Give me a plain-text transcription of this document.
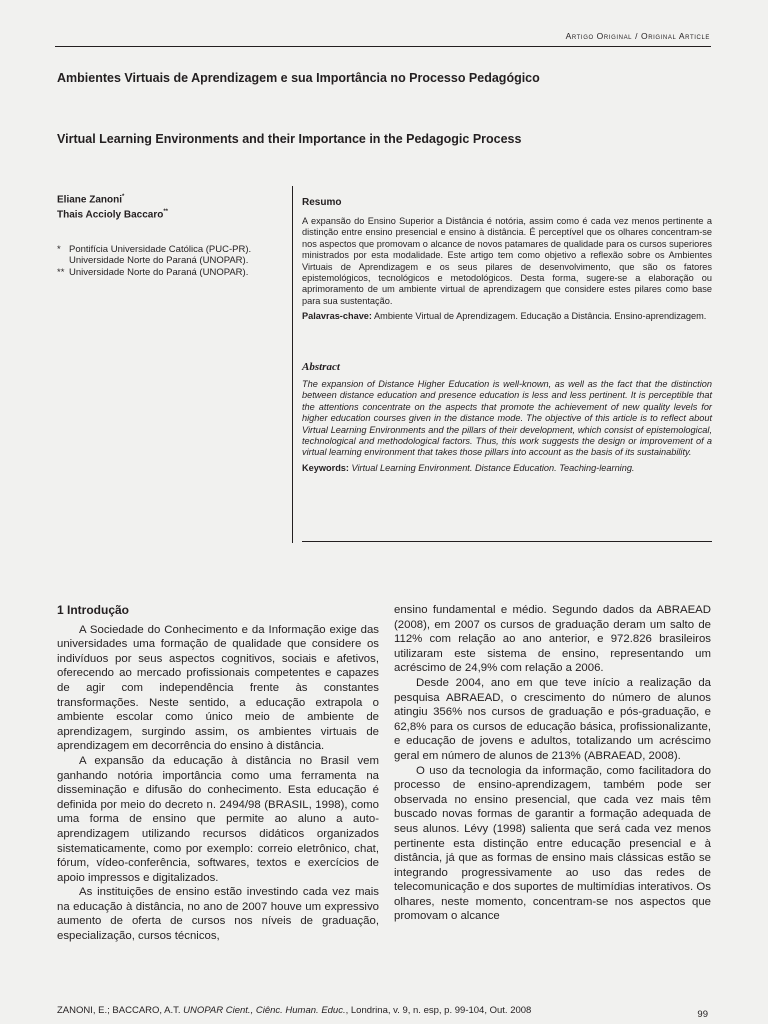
Artigo Original / Original Article
Ambientes Virtuais de Aprendizagem e sua Importância no Processo Pedagógico
Virtual Learning Environments and their Importance in the Pedagogic Process
Eliane Zanoni*
Thais Accioly Baccaro**
* Pontifícia Universidade Católica (PUC-PR).
Universidade Norte do Paraná (UNOPAR).
** Universidade Norte do Paraná (UNOPAR).
Resumo
A expansão do Ensino Superior a Distância é notória, assim como é cada vez menos pertinente a distinção entre ensino presencial e ensino à distância. É perceptível que os olhares concentram-se nos aspectos que promovam o alcance de novos patamares de qualidade para os cursos superiores ministrados por esta modalidade. Este artigo tem como objetivo a reflexão sobre os Ambientes Virtuais de Aprendizagem e os seus pilares de desenvolvimento, que são os fatores epistemológicos, tecnológicos e metodológicos. Desta forma, sugere-se a elaboração ou aprimoramento de um ambiente virtual de aprendizagem que considere estes pilares como base para sua sustentação.
Palavras-chave: Ambiente Virtual de Aprendizagem. Educação a Distância. Ensino-aprendizagem.
Abstract
The expansion of Distance Higher Education is well-known, as well as the fact that the distinction between distance education and presence education is less and less pertinent. It is perceptible that the attentions concentrate on the aspects that promote the achievement of new quality levels for higher education courses given in the distance mode. The objective of this article is to reflect about Virtual Learning Environments and the pillars of their development, which consist of epistemological, technological and methodological factors. Thus, this work suggests the design or improvement of a virtual learning environment that takes those pillars into account as the basis of its sustainability.
Keywords: Virtual Learning Environment. Distance Education. Teaching-learning.
1 Introdução

A Sociedade do Conhecimento e da Informação exige das universidades uma formação de qualidade que considere os indivíduos por seus aspectos cognitivos, sociais e afetivos, oferecendo ao mercado profissionais competentes e capazes de agir com independência frente às constantes transformações. Neste sentido, a educação extrapola o ambiente escolar como único meio de ambiente de aprendizagem, surgindo assim, os ambientes virtuais de aprendizagem em decorrência do ensino à distância.

A expansão da educação à distância no Brasil vem ganhando notória importância como uma ferramenta na disseminação e difusão do conhecimento. Esta educação é definida por meio do decreto n. 2494/98 (BRASIL, 1998), como uma forma de ensino que permite ao aluno a auto-aprendizagem utilizando recursos didáticos organizados sistematicamente, como por exemplo: correio eletrônico, chat, fórum, vídeo-conferência, softwares, textos e exercícios de apoio impressos e digitalizados.

As instituições de ensino estão investindo cada vez mais na educação à distância, no ano de 2007 houve um expressivo aumento de oferta de cursos nos níveis de graduação, especialização, cursos técnicos,

ensino fundamental e médio. Segundo dados da ABRAEAD (2008), em 2007 os cursos de graduação deram um salto de 112% com relação ao ano anterior, e 972.826 brasileiros utilizaram este sistema de ensino, representando um acréscimo de 24,9% com relação a 2006.

Desde 2004, ano em que teve início a realização da pesquisa ABRAEAD, o crescimento do número de alunos atingiu 356% nos cursos de graduação e pós-graduação, e 62,8% para os cursos de educação básica, profissionalizante, e educação de jovens e adultos, totalizando um acréscimo geral em número de alunos de 213% (ABRAEAD, 2008).

O uso da tecnologia da informação, como facilitadora do processo de ensino-aprendizagem, também pode ser observada no ensino presencial, que cada vez mais têm buscado novas formas de garantir a formação adequada de seus alunos. Lévy (1998) salienta que será cada vez menos pertinente esta distinção entre educação presencial e à distância, já que as formas de ensino mais clássicas estão se integrando progressivamente ao uso das redes de telecomunicação e dos suportes de multimídias interativos. Os olhares, neste momento, concentram-se nos aspectos que promovam o alcance

ZANONI, E.; BACCARO, A.T. UNOPAR Cient., Ciênc. Human. Educ., Londrina, v. 9, n. esp, p. 99-104, Out. 2008	99
